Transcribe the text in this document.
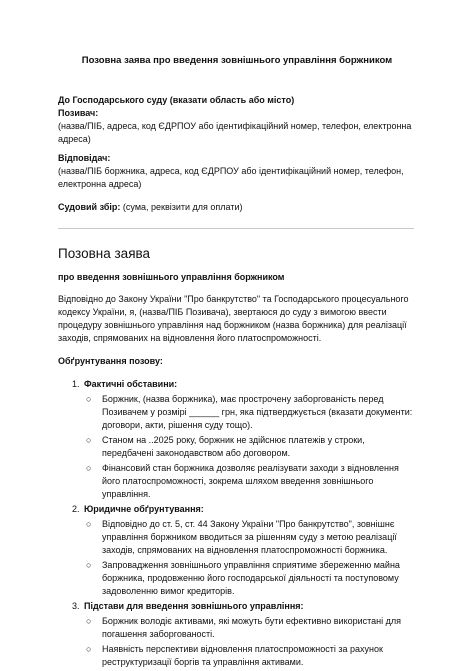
Позовна заява про введення зовнішнього управління боржником

До Господарського суду (вказати область або місто)

Позивач:

(назва/ПІБ, адреса, код ЄДРПОУ або ідентифікаційний номер, телефон, електронна адреса)

Відповідач:

(назва/ПІБ боржника, адреса, код ЄДРПОУ або ідентифікаційний номер, телефон, електронна адреса)

Судовий збір: (сума, реквізити для оплати)

Позовна заява

про введення зовнішнього управління боржником

Відповідно до Закону України "Про банкрутство" та Господарського процесуального кодексу України, я, (назва/ПІБ Позивача), звертаюся до суду з вимогою ввести процедуру зовнішнього управління над боржником (назва боржника) для реалізації заходів, спрямованих на відновлення його платоспроможності.

Обґрунтування позову:

1. Фактичні обставини:
○ Боржник, (назва боржника), має прострочену заборгованість перед Позивачем у розмірі ______ грн, яка підтверджується (вказати документи: договори, акти, рішення суду тощо).
○ Станом на ..2025 року, боржник не здійснює платежів у строки, передбачені законодавством або договором.
○ Фінансовий стан боржника дозволяє реалізувати заходи з відновлення його платоспроможності, зокрема шляхом введення зовнішнього управління.
2. Юридичне обґрунтування:
○ Відповідно до ст. 5, ст. 44 Закону України "Про банкрутство", зовнішнє управління боржником вводиться за рішенням суду з метою реалізації заходів, спрямованих на відновлення платоспроможності боржника.
○ Запровадження зовнішнього управління сприятиме збереженню майна боржника, продовженню його господарської діяльності та поступовому задоволенню вимог кредиторів.
3. Підстави для введення зовнішнього управління:
○ Боржник володіє активами, які можуть бути ефективно використані для погашення заборгованості.
○ Наявність перспективи відновлення платоспроможності за рахунок реструктуризації боргів та управління активами.
